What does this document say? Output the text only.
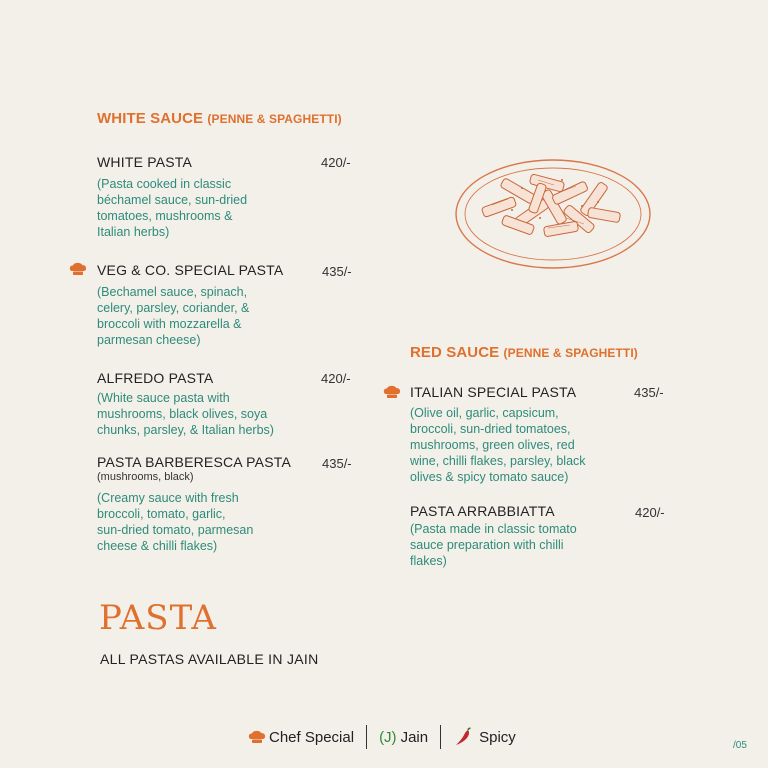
WHITE SAUCE (PENNE & SPAGHETTI)
WHITE PASTA	420/-
(Pasta cooked in classic
béchamel sauce, sun-dried
tomatoes, mushrooms &
Italian herbs)
VEG & CO. SPECIAL PASTA	435/-
(Bechamel sauce, spinach,
celery, parsley, coriander, &
broccoli with mozzarella &
parmesan cheese)
ALFREDO PASTA	420/-
(White sauce pasta with
mushrooms, black olives, soya
chunks, parsley, & Italian herbs)
PASTA BARBERESCA PASTA 435/-
(mushrooms, black)
(Creamy sauce with fresh
broccoli, tomato, garlic,
sun-dried tomato, parmesan
cheese & chilli flakes)
RED SAUCE (PENNE & SPAGHETTI)
ITALIAN SPECIAL PASTA	435/-
(Olive oil, garlic, capsicum,
broccoli, sun-dried tomatoes,
mushrooms, green olives, red
wine, chilli flakes, parsley, black
olives & spicy tomato sauce)
PASTA ARRABBIATTA	420/-
(Pasta made in classic tomato
sauce preparation with chilli
flakes)
PASTA
ALL PASTAS AVAILABLE IN JAIN
Chef Special (J) Jain	Spicy	/05
